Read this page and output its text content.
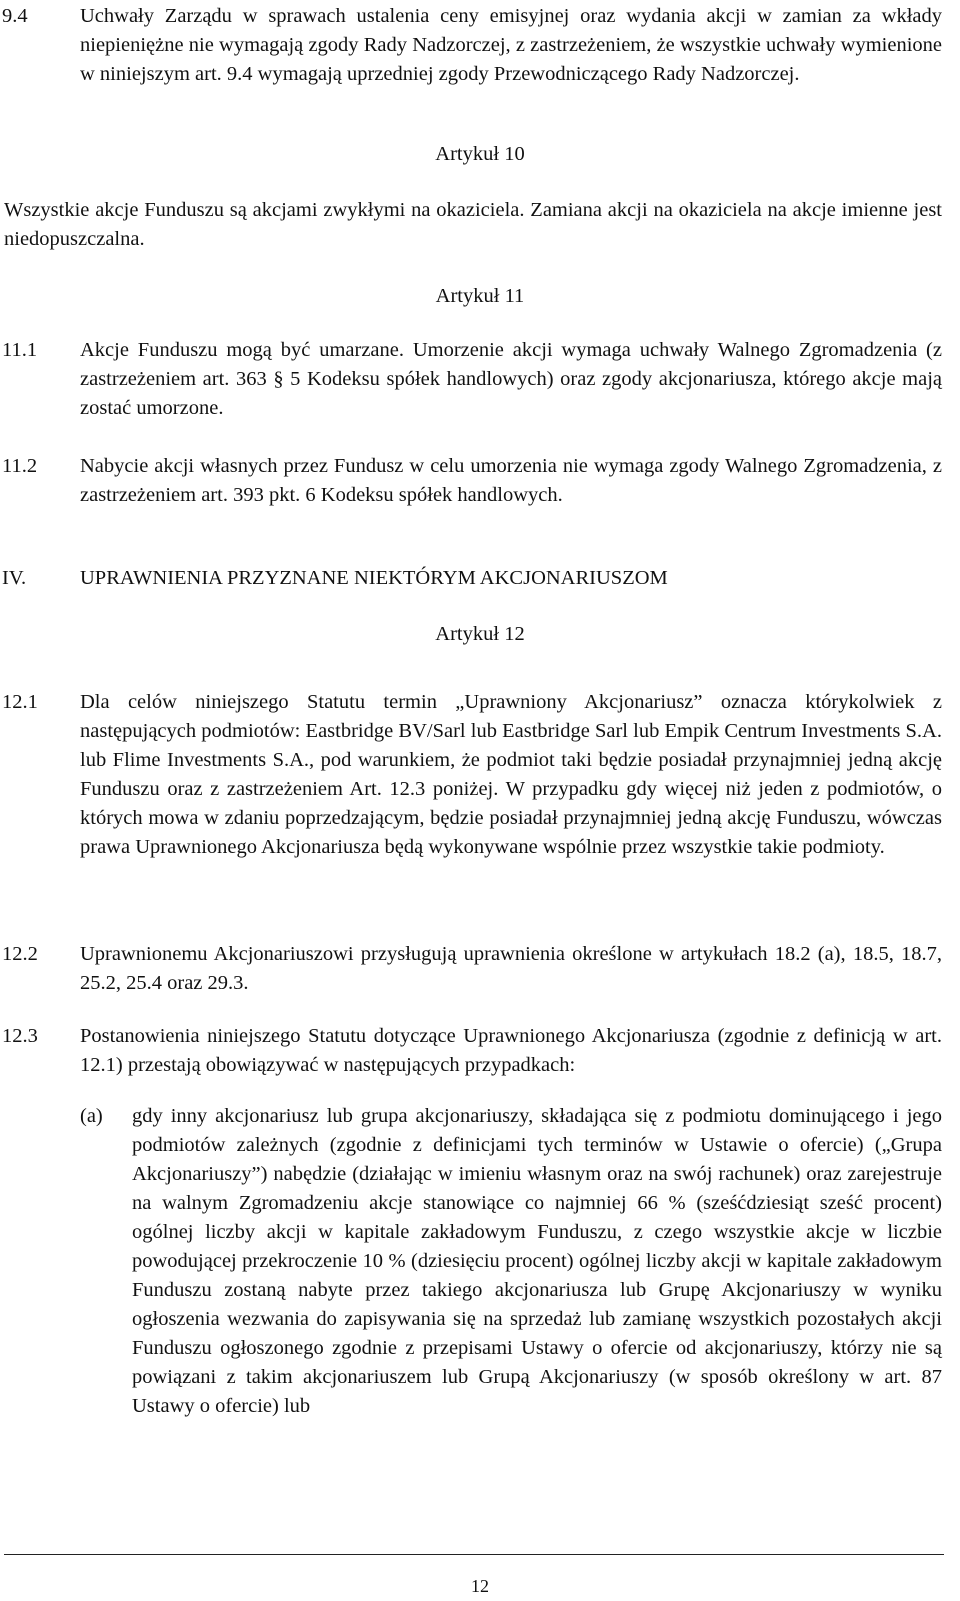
9.4	Uchwały Zarządu w sprawach ustalenia ceny emisyjnej oraz wydania akcji w zamian za wkłady niepieniężne nie wymagają zgody Rady Nadzorczej, z zastrzeżeniem, że wszystkie uchwały wymienione w niniejszym art. 9.4 wymagają uprzedniej zgody Przewodniczącego Rady Nadzorczej.
Artykuł 10
Wszystkie akcje Funduszu są akcjami zwykłymi na okaziciela. Zamiana akcji na okaziciela na akcje imienne jest niedopuszczalna.
Artykuł 11
11.1 Akcje Funduszu mogą być umarzane. Umorzenie akcji wymaga uchwały Walnego Zgromadzenia (z zastrzeżeniem art. 363 § 5 Kodeksu spółek handlowych) oraz zgody akcjonariusza, którego akcje mają zostać umorzone.
11.2 Nabycie akcji własnych przez Fundusz w celu umorzenia nie wymaga zgody Walnego Zgromadzenia, z zastrzeżeniem art. 393 pkt. 6 Kodeksu spółek handlowych.
IV.	UPRAWNIENIA PRZYZNANE NIEKTÓRYM AKCJONARIUSZOM
Artykuł 12
12.1 Dla celów niniejszego Statutu termin „Uprawniony Akcjonariusz” oznacza którykolwiek z następujących podmiotów: Eastbridge BV/Sarl lub Eastbridge Sarl lub Empik Centrum Investments S.A. lub Flime Investments S.A., pod warunkiem, że podmiot taki będzie posiadał przynajmniej jedną akcję Funduszu oraz z zastrzeżeniem Art. 12.3 poniżej. W przypadku gdy więcej niż jeden z podmiotów, o których mowa w zdaniu poprzedzającym, będzie posiadał przynajmniej jedną akcję Funduszu, wówczas prawa Uprawnionego Akcjonariusza będą wykonywane wspólnie przez wszystkie takie podmioty.
12.2 Uprawnionemu Akcjonariuszowi przysługują uprawnienia określone w artykułach 18.2 (a), 18.5, 18.7, 25.2, 25.4 oraz 29.3.
12.3 Postanowienia niniejszego Statutu dotyczące Uprawnionego Akcjonariusza (zgodnie z definicją w art. 12.1) przestają obowiązywać w następujących przypadkach:
(a) gdy inny akcjonariusz lub grupa akcjonariuszy, składająca się z podmiotu dominującego i jego podmiotów zależnych (zgodnie z definicjami tych terminów w Ustawie o ofercie) („Grupa Akcjonariuszy”) nabędzie (działając w imieniu własnym oraz na swój rachunek) oraz zarejestruje na walnym Zgromadzeniu akcje stanowiące co najmniej 66 % (sześćdziesiąt sześć procent) ogólnej liczby akcji w kapitale zakładowym Funduszu, z czego wszystkie akcje w liczbie powodującej przekroczenie 10 % (dziesięciu procent) ogólnej liczby akcji w kapitale zakładowym Funduszu zostaną nabyte przez takiego akcjonariusza lub Grupę Akcjonariuszy w wyniku ogłoszenia wezwania do zapisywania się na sprzedaż lub zamianę wszystkich pozostałych akcji Funduszu ogłoszonego zgodnie z przepisami Ustawy o ofercie od akcjonariuszy, którzy nie są powiązani z takim akcjonariuszem lub Grupą Akcjonariuszy (w sposób określony w art. 87 Ustawy o ofercie) lub
12
